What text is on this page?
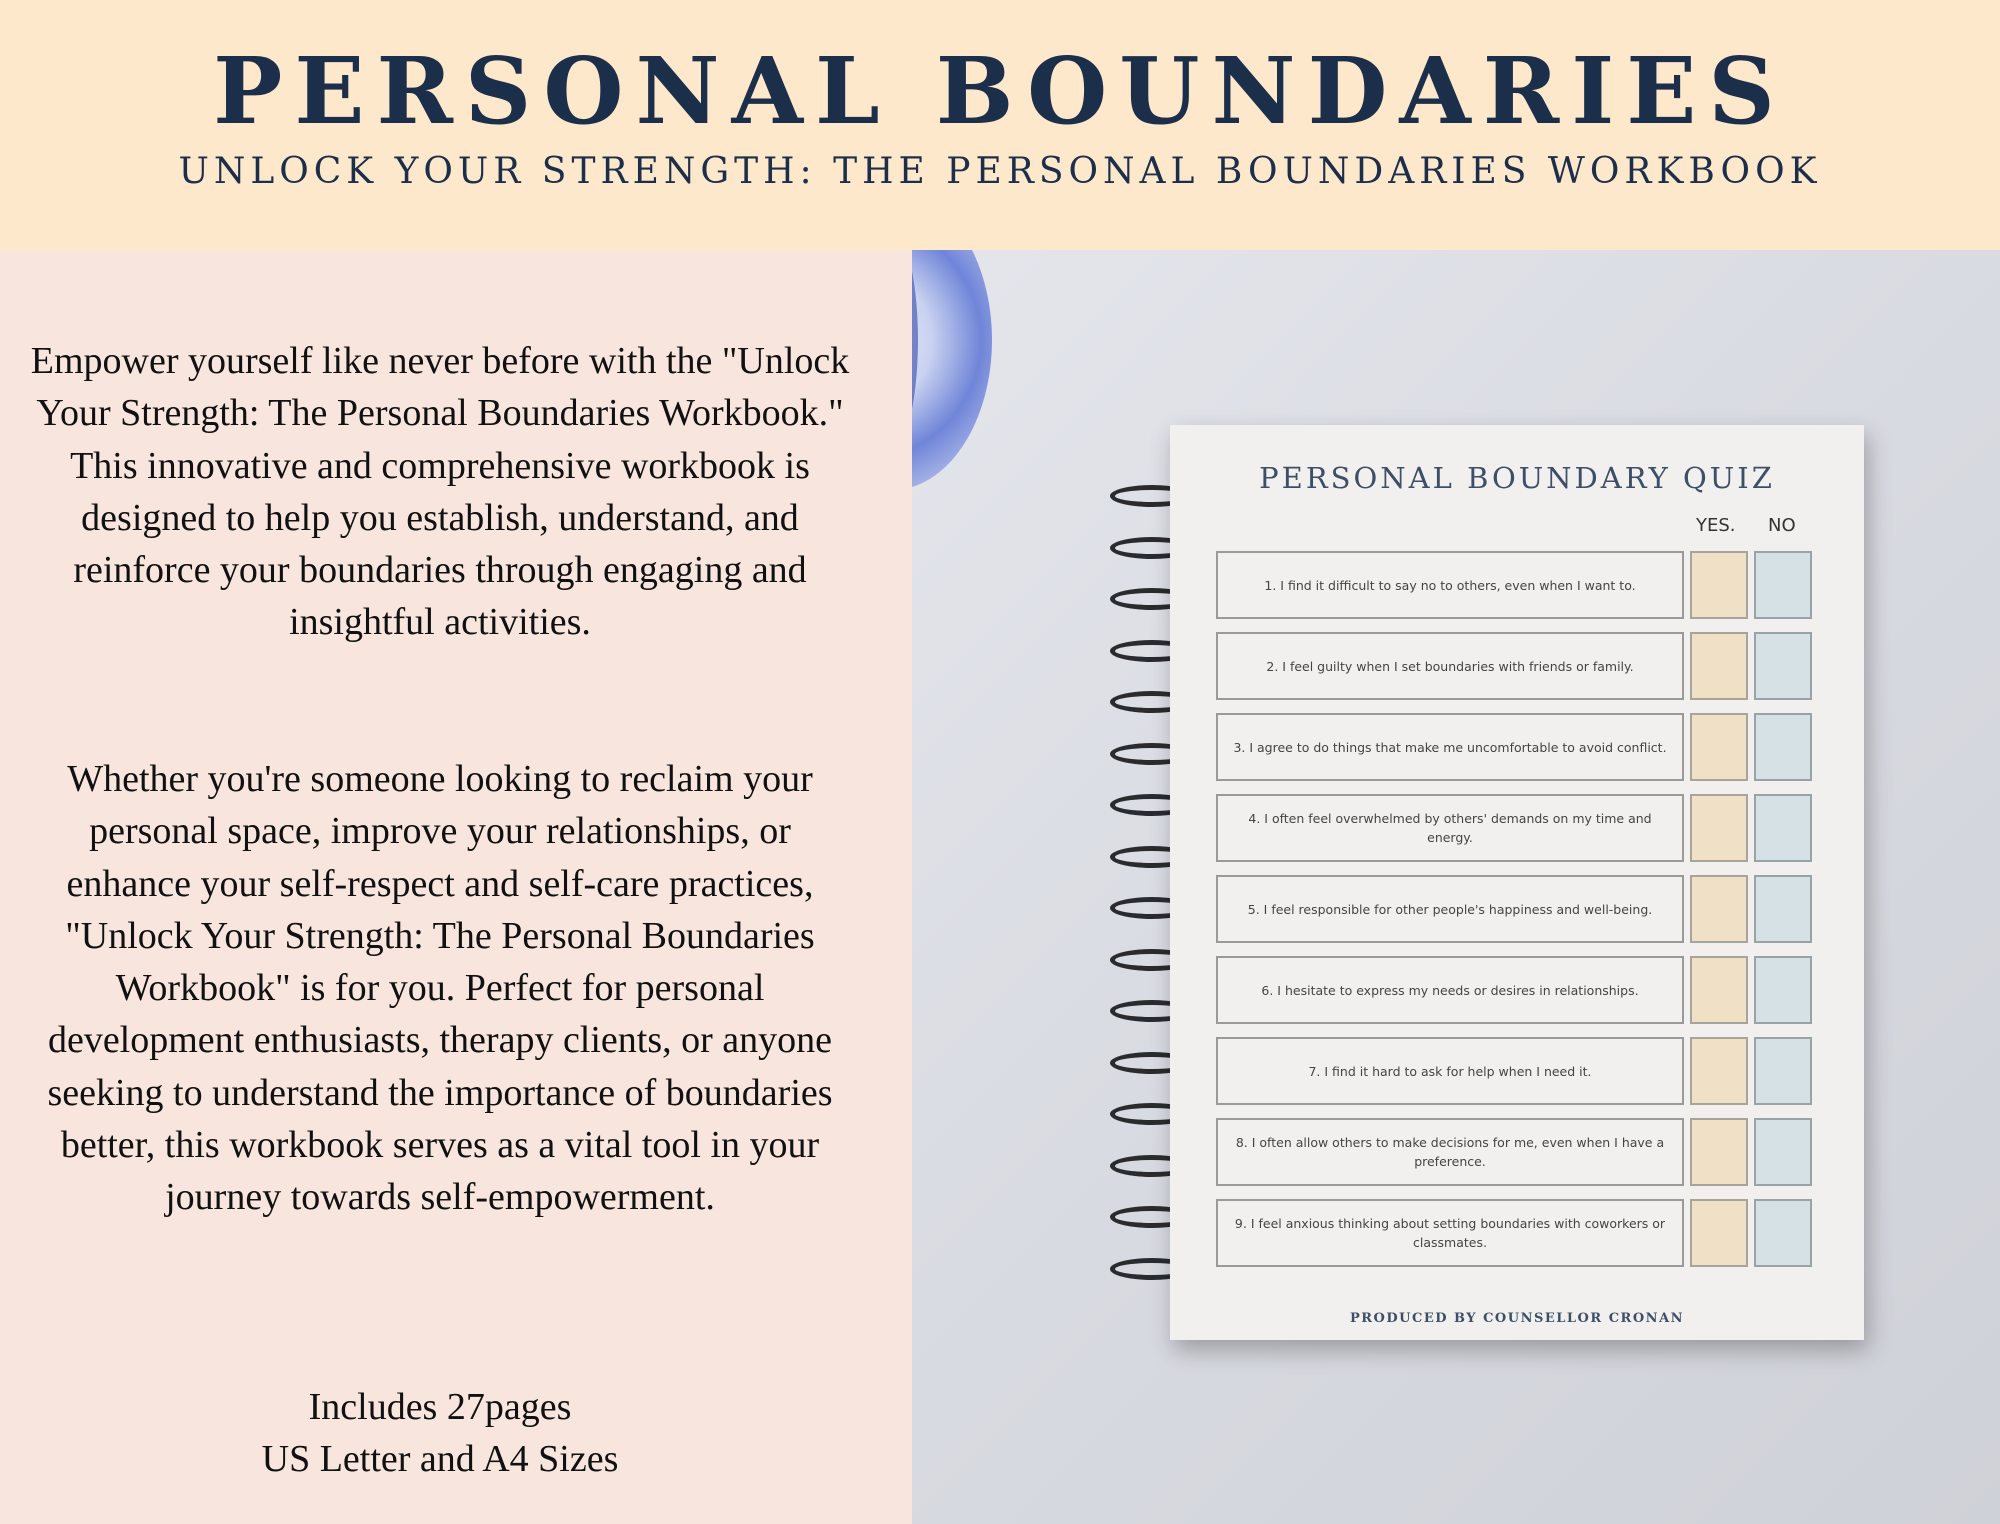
PERSONAL BOUNDARIES
UNLOCK YOUR STRENGTH: THE PERSONAL BOUNDARIES WORKBOOK
Empower yourself like never before with the "Unlock Your Strength: The Personal Boundaries Workbook." This innovative and comprehensive workbook is designed to help you establish, understand, and reinforce your boundaries through engaging and insightful activities.
Whether you're someone looking to reclaim your personal space, improve your relationships, or enhance your self-respect and self-care practices, "Unlock Your Strength: The Personal Boundaries Workbook" is for you. Perfect for personal development enthusiasts, therapy clients, or anyone seeking to understand the importance of boundaries better, this workbook serves as a vital tool in your journey towards self-empowerment.
Includes 27pages
US Letter and A4 Sizes
PERSONAL BOUNDARY QUIZ
YES. NO
1. I find it difficult to say no to others, even when I want to.
2. I feel guilty when I set boundaries with friends or family.
3. I agree to do things that make me uncomfortable to avoid conflict.
4. I often feel overwhelmed by others' demands on my time and energy.
5. I feel responsible for other people's happiness and well-being.
6. I hesitate to express my needs or desires in relationships.
7. I find it hard to ask for help when I need it.
8. I often allow others to make decisions for me, even when I have a preference.
9. I feel anxious thinking about setting boundaries with coworkers or classmates.
PRODUCED BY COUNSELLOR CRONAN
